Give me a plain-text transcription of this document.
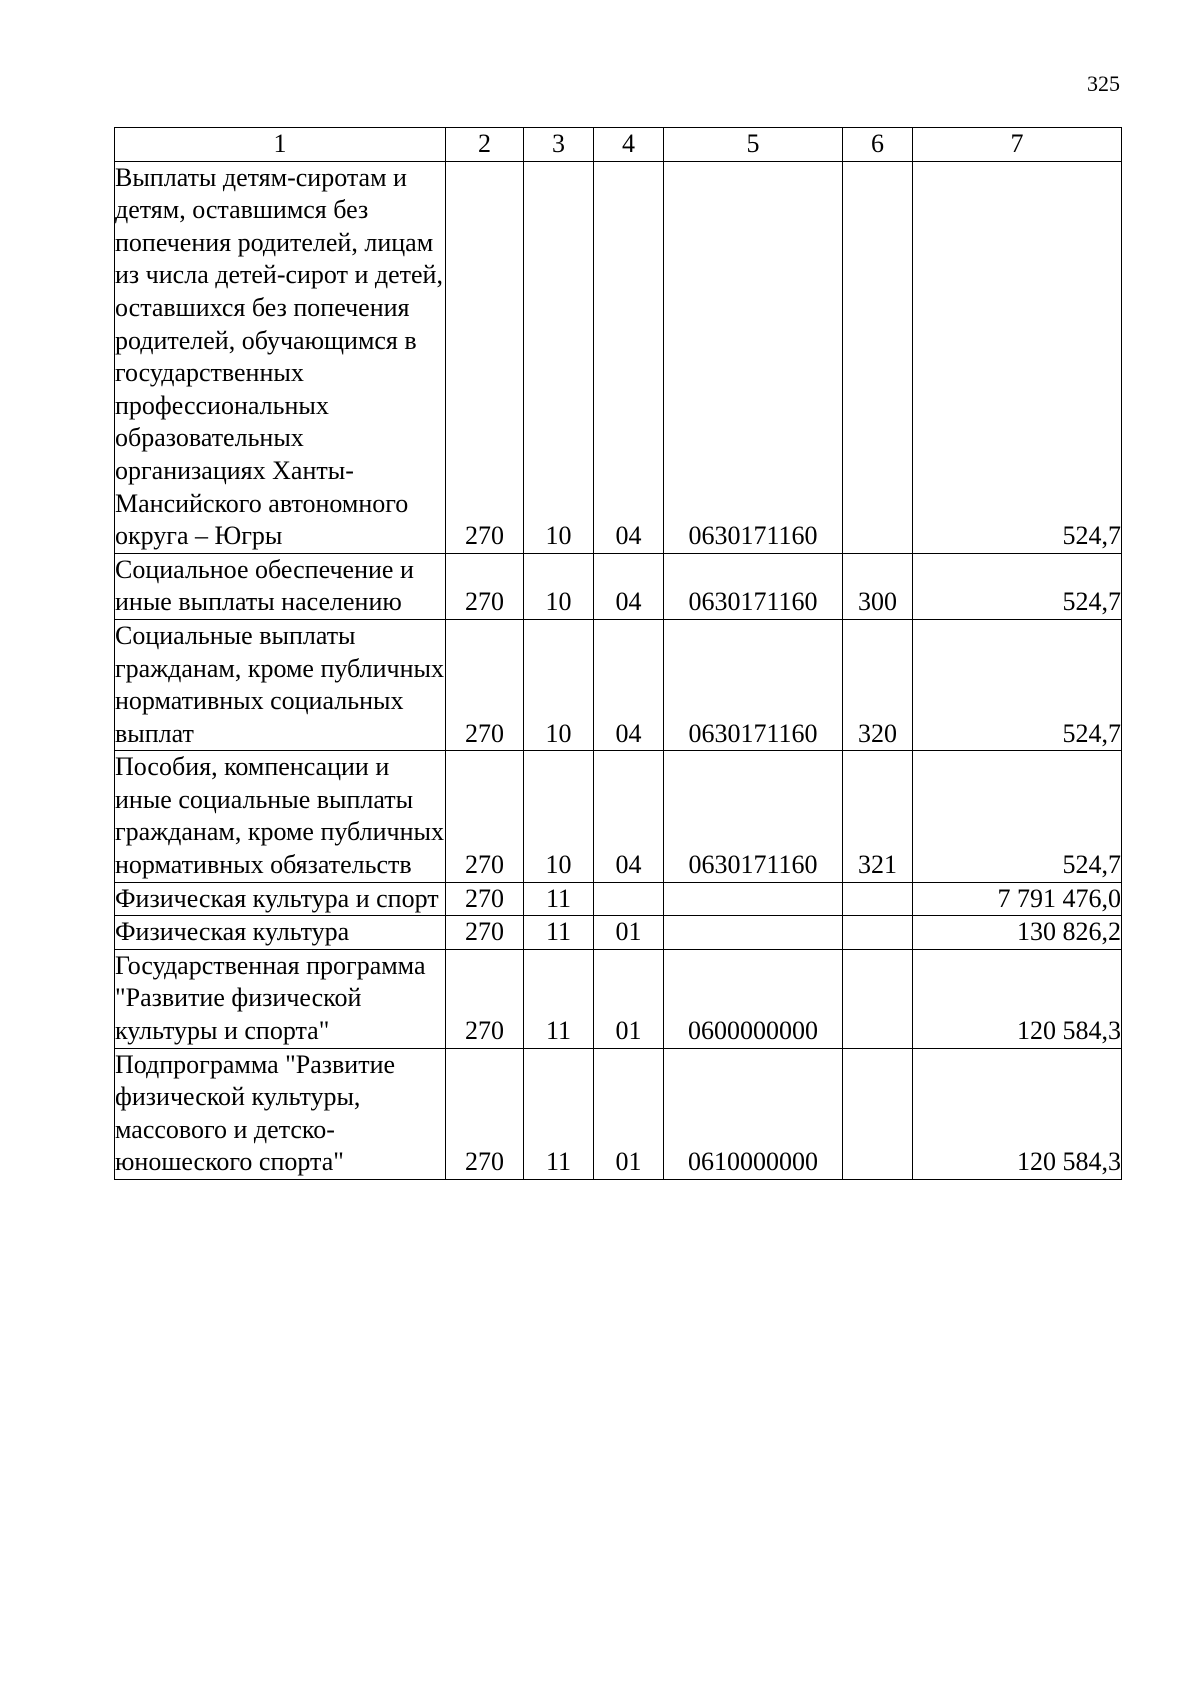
325
1	2	3	4	5	6	7
Выплаты детям-сиротам и детям, оставшимся без попечения родителей, лицам из числа детей-сирот и детей, оставшихся без попечения родителей, обучающимся в государственных профессиональных образовательных организациях Ханты-Мансийского автономного округа – Югры	270	10	04	0630171160		524,7
Социальное обеспечение и иные выплаты населению	270	10	04	0630171160	300	524,7
Социальные выплаты гражданам, кроме публичных нормативных социальных выплат	270	10	04	0630171160	320	524,7
Пособия, компенсации и иные социальные выплаты гражданам, кроме публичных нормативных обязательств	270	10	04	0630171160	321	524,7
Физическая культура и спорт	270	11				7 791 476,0
Физическая культура	270	11	01			130 826,2
Государственная программа "Развитие физической культуры и спорта"	270	11	01	0600000000		120 584,3
Подпрограмма "Развитие физической культуры, массового и детско-юношеского спорта"	270	11	01	0610000000		120 584,3
